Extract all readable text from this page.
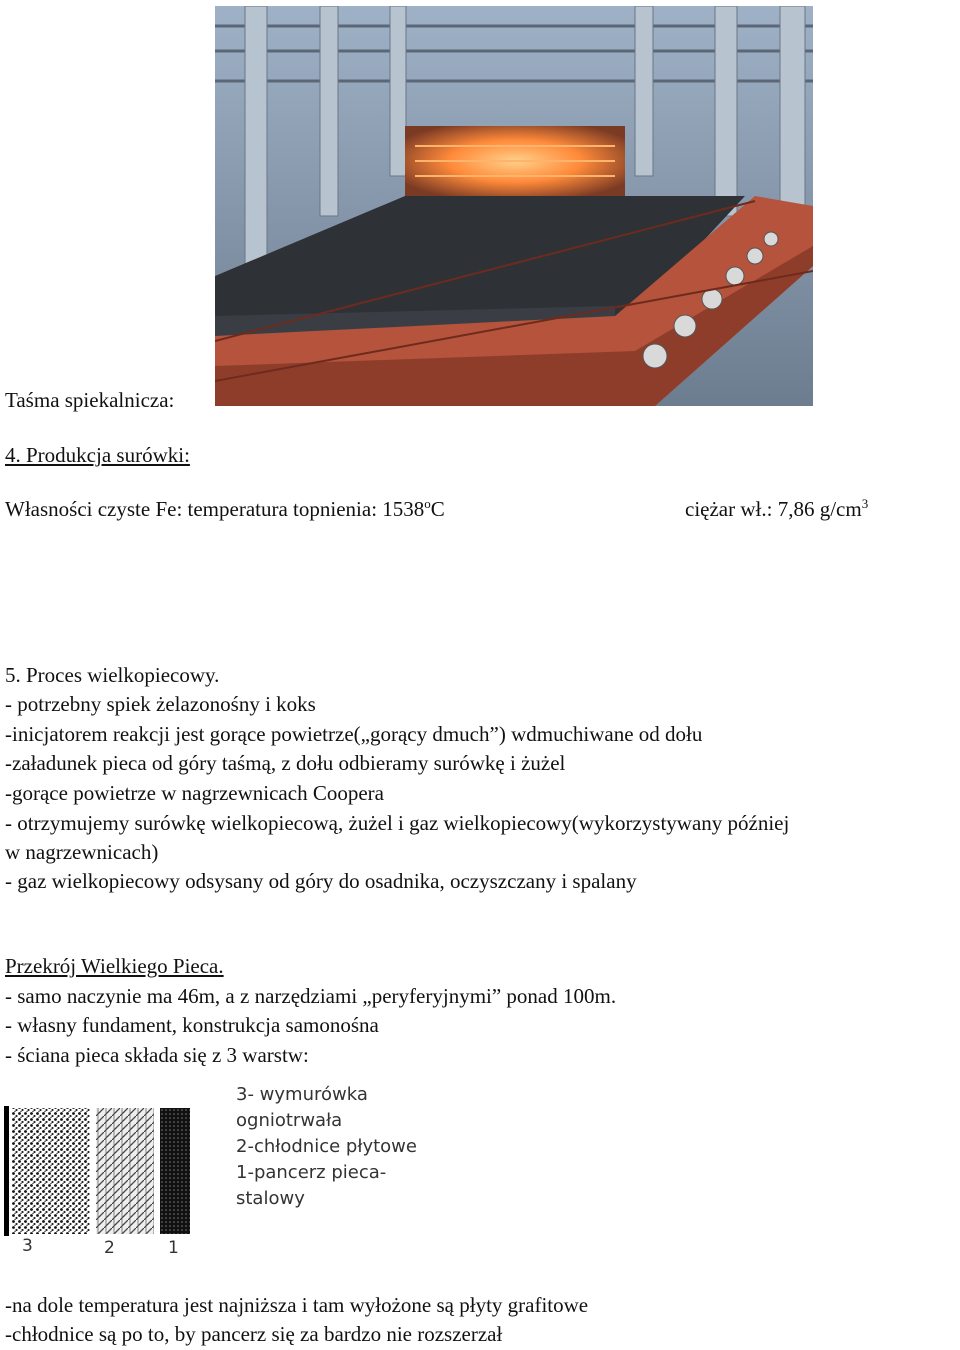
Taśma spiekalnicza:
4. Produkcja surówki:
Własności czyste Fe: temperatura topnienia: 1538$^o$C	ciężar wł.: 7,86 $g/cm^3$
5. Proces wielkopiecowy.
- potrzebny spiek żelazonośny i koks
-inicjatorem reakcji jest gorące powietrze(„gorący dmuch”) wdmuchiwane od dołu
-załadunek pieca od góry taśmą, z dołu odbieramy surówkę i żużel
-gorące powietrze w nagrzewnicach Coopera
- otrzymujemy surówkę wielkopiecową, żużel i gaz wielkopiecowy(wykorzystywany później
w nagrzewnicach)
- gaz wielkopiecowy odsysany od góry do osadnika, oczyszczany i spalany
Przekrój Wielkiego Pieca.
- samo naczynie ma 46m, a z narzędziami „peryferyjnymi” ponad 100m.
- własny fundament, konstrukcja samonośna
- ściana pieca składa się z 3 warstw:
3- wymurówka
ogniotrwała
2-chłodnice płytowe
1-pancerz pieca-
stalowy
3	2	1
-na dole temperatura jest najniższa i tam wyłożone są płyty grafitowe
-chłodnice są po to, by pancerz się za bardzo nie rozszerzał
